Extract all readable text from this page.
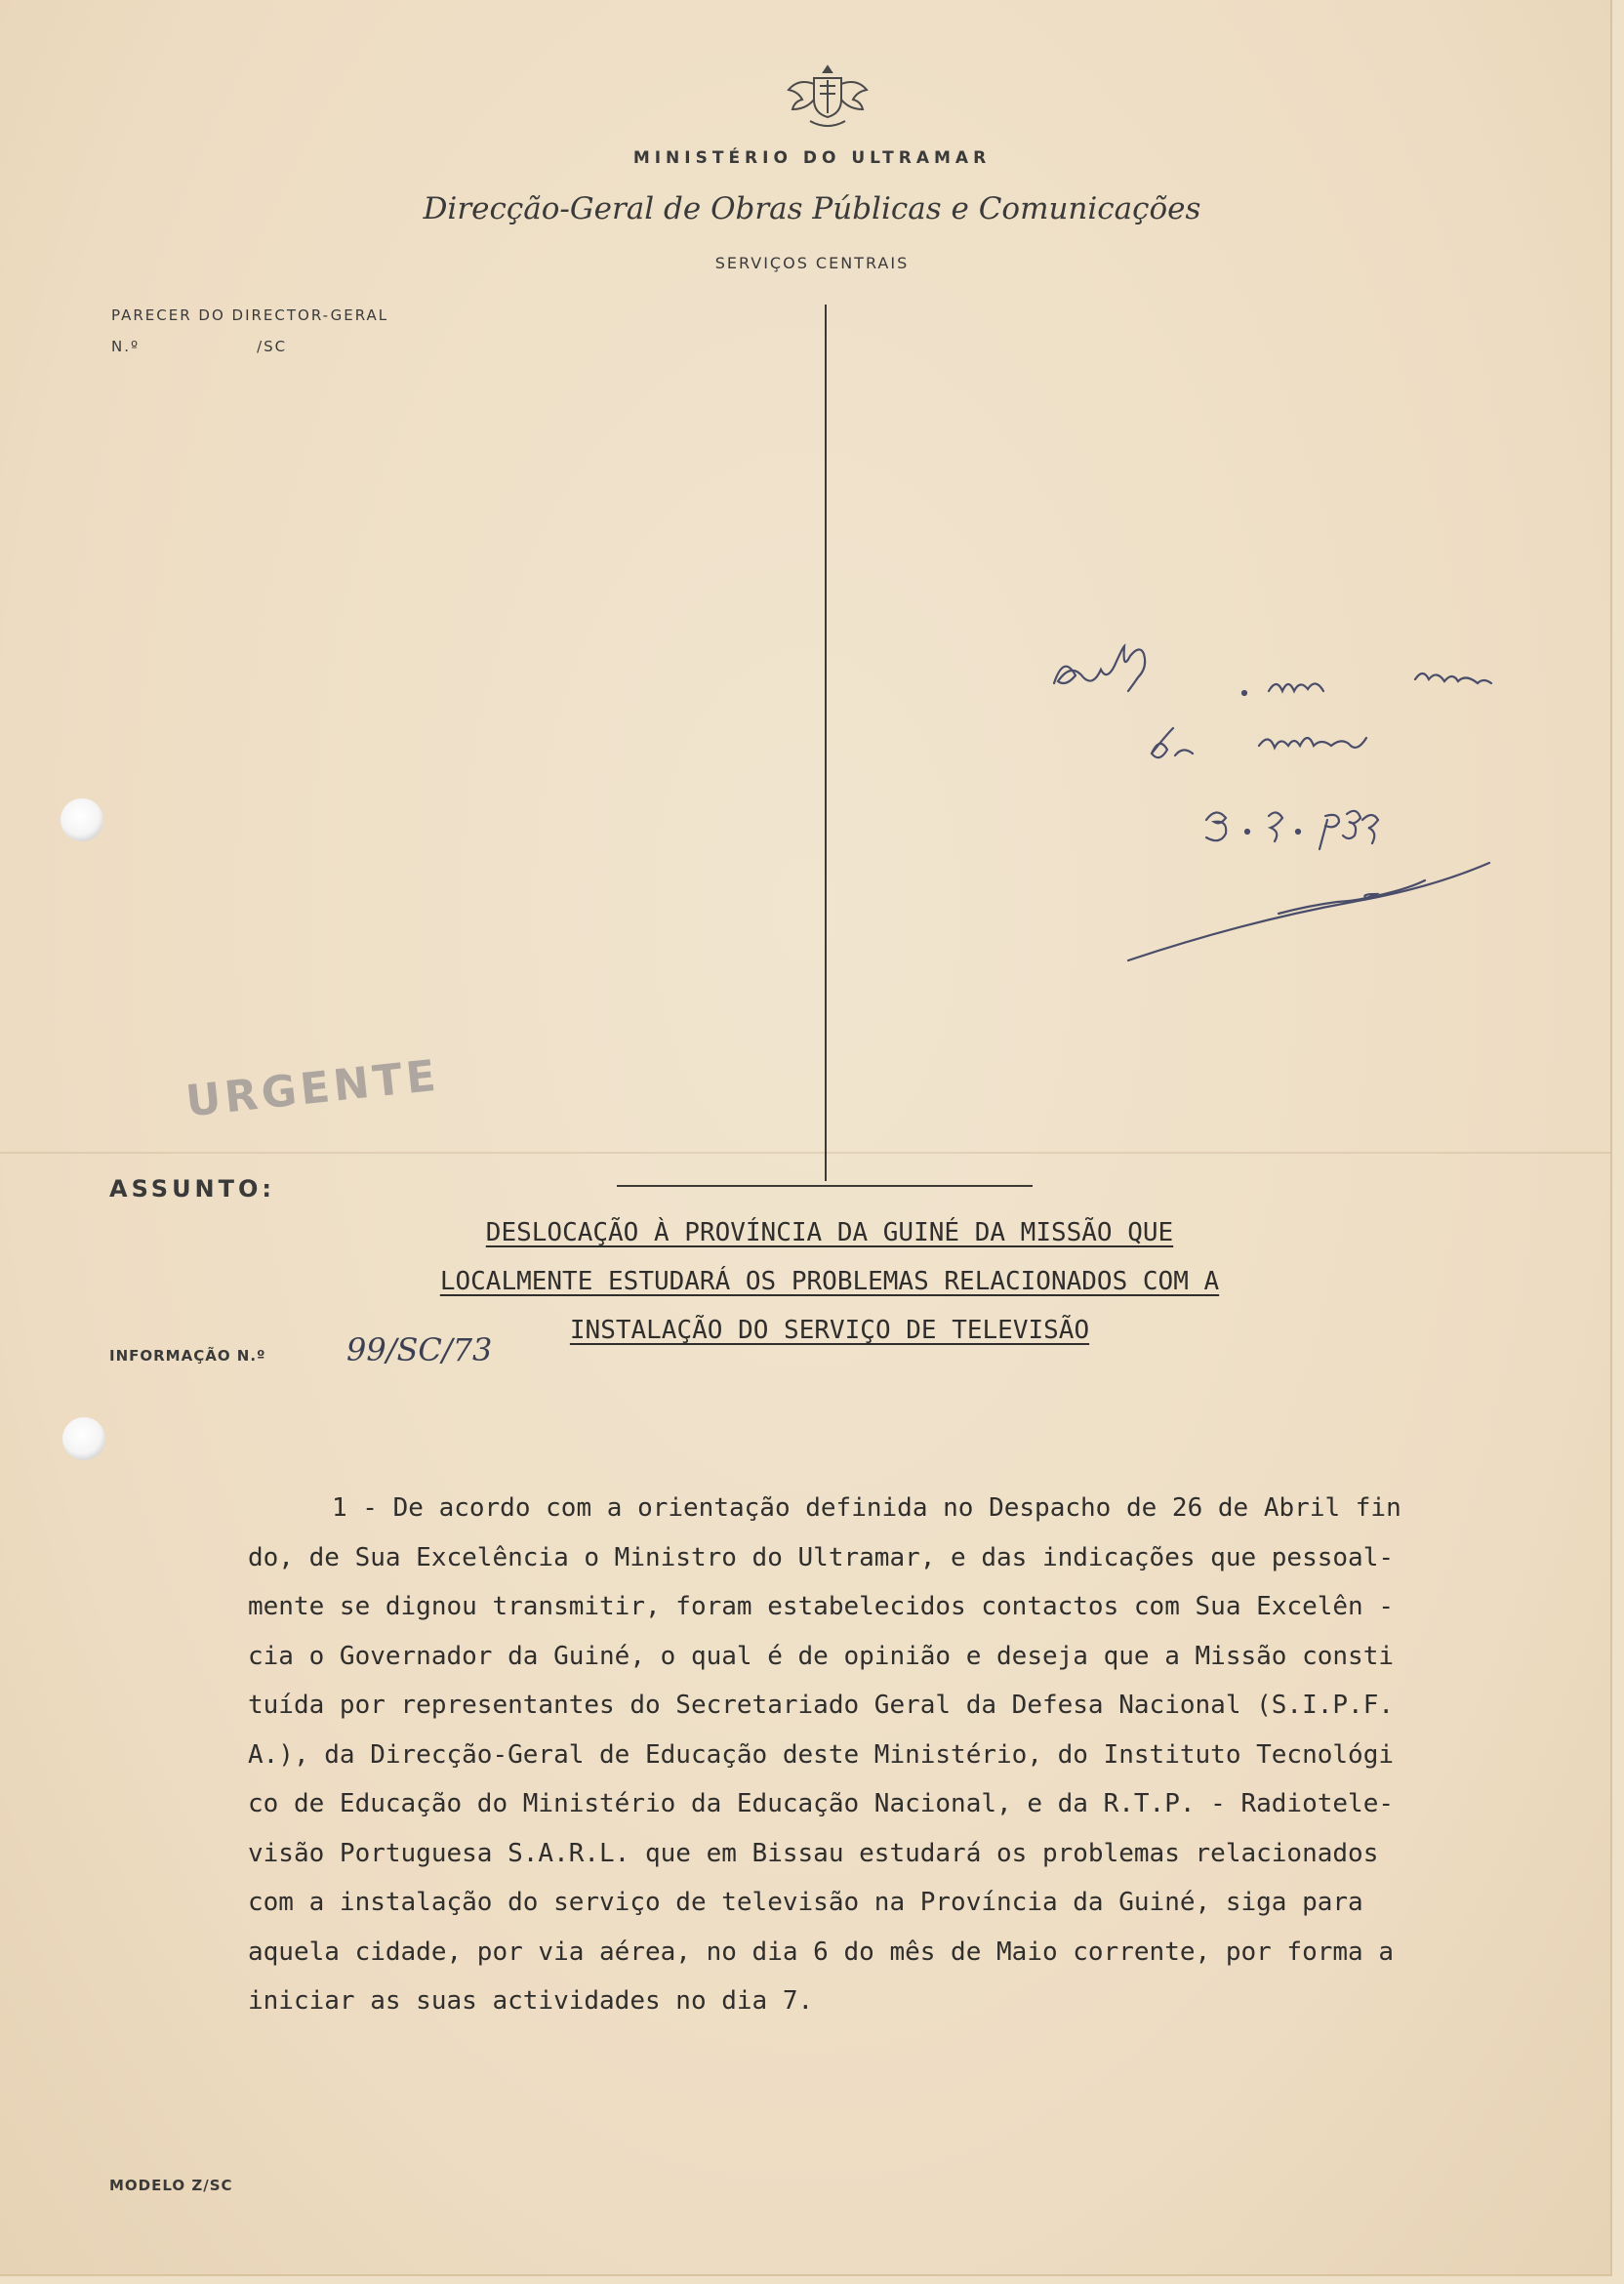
MINISTÉRIO DO ULTRAMAR
Direcção-Geral de Obras Públicas e Comunicações
SERVIÇOS CENTRAIS
PARECER DO DIRECTOR-GERAL
N.º	/SC
URGENTE
ASSUNTO:
DESLOCAÇÃO À PROVÍNCIA DA GUINÉ DA MISSÃO QUE
LOCALMENTE ESTUDARÁ OS PROBLEMAS RELACIONADOS COM A
INSTALAÇÃO DO SERVIÇO DE TELEVISÃO
INFORMAÇÃO N.º	99/SC/73
1 - De acordo com a orientação definida no Despacho de 26 de Abril fin
do, de Sua Excelência o Ministro do Ultramar, e das indicações que pessoal-
mente se dignou transmitir, foram estabelecidos contactos com Sua Excelên -
cia o Governador da Guiné, o qual é de opinião e deseja que a Missão consti
tuída por representantes do Secretariado Geral da Defesa Nacional (S.I.P.F.
A.), da Direcção-Geral de Educação deste Ministério, do Instituto Tecnológi
co de Educação do Ministério da Educação Nacional, e da R.T.P. - Radiotele-
visão Portuguesa S.A.R.L. que em Bissau estudará os problemas relacionados
com a instalação do serviço de televisão na Província da Guiné, siga para
aquela cidade, por via aérea, no dia 6 do mês de Maio corrente, por forma a
iniciar as suas actividades no dia 7.
MODELO Z/SC
